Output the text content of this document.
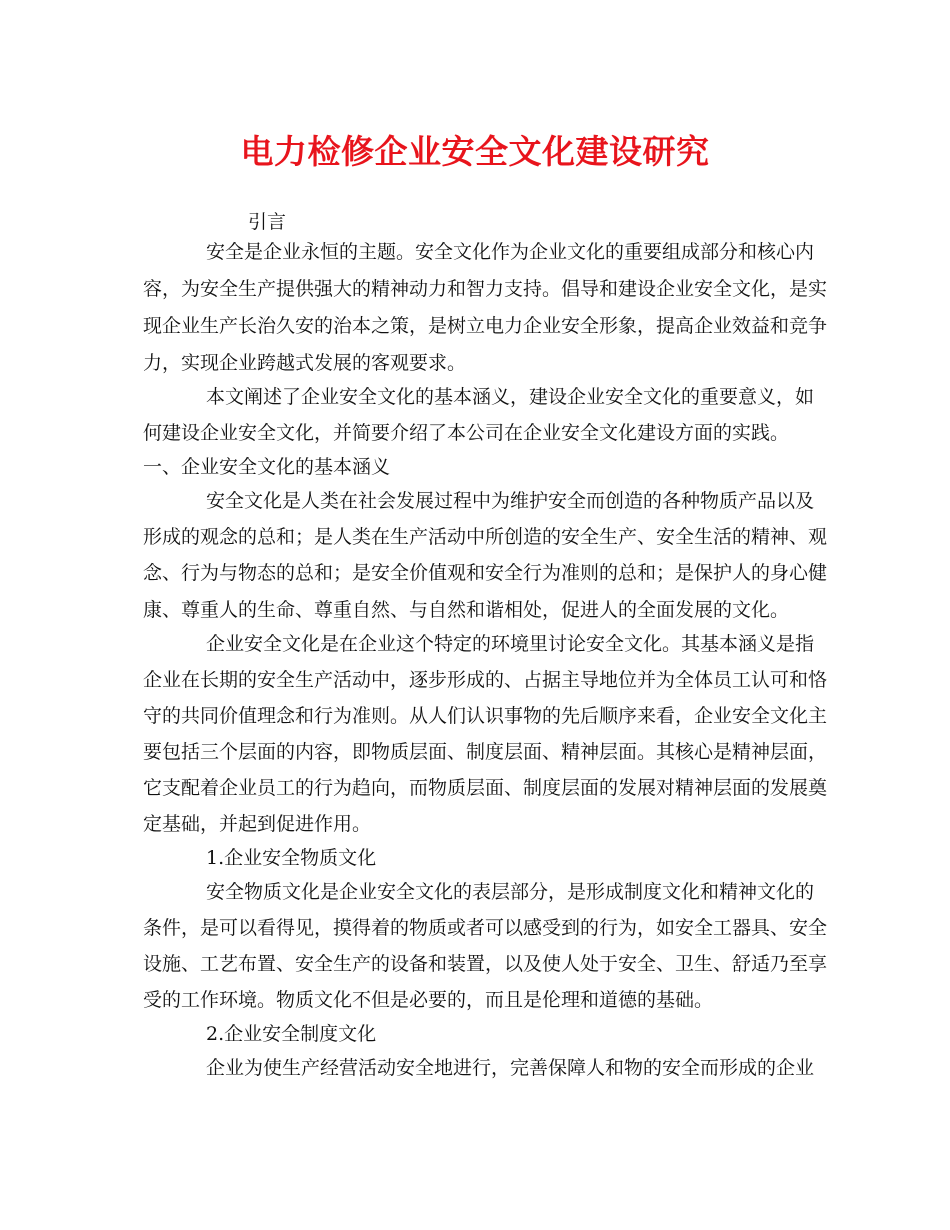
电力检修企业安全文化建设研究

引言

安全是企业永恒的主题。安全文化作为企业文化的重要组成部分和核心内

容，为安全生产提供强大的精神动力和智力支持。倡导和建设企业安全文化，是实

现企业生产长治久安的治本之策，是树立电力企业安全形象，提高企业效益和竞争

力，实现企业跨越式发展的客观要求。

本文阐述了企业安全文化的基本涵义，建设企业安全文化的重要意义，如

何建设企业安全文化，并简要介绍了本公司在企业安全文化建设方面的实践。

一、企业安全文化的基本涵义

安全文化是人类在社会发展过程中为维护安全而创造的各种物质产品以及

形成的观念的总和；是人类在生产活动中所创造的安全生产、安全生活的精神、观

念、行为与物态的总和；是安全价值观和安全行为准则的总和；是保护人的身心健

康、尊重人的生命、尊重自然、与自然和谐相处，促进人的全面发展的文化。

企业安全文化是在企业这个特定的环境里讨论安全文化。其基本涵义是指

企业在长期的安全生产活动中，逐步形成的、占据主导地位并为全体员工认可和恪

守的共同价值理念和行为准则。从人们认识事物的先后顺序来看，企业安全文化主

要包括三个层面的内容，即物质层面、制度层面、精神层面。其核心是精神层面，

它支配着企业员工的行为趋向，而物质层面、制度层面的发展对精神层面的发展奠

定基础，并起到促进作用。

1.企业安全物质文化

安全物质文化是企业安全文化的表层部分，是形成制度文化和精神文化的

条件，是可以看得见，摸得着的物质或者可以感受到的行为，如安全工器具、安全

设施、工艺布置、安全生产的设备和装置，以及使人处于安全、卫生、舒适乃至享

受的工作环境。物质文化不但是必要的，而且是伦理和道德的基础。

2.企业安全制度文化

企业为使生产经营活动安全地进行，完善保障人和物的安全而形成的企业
